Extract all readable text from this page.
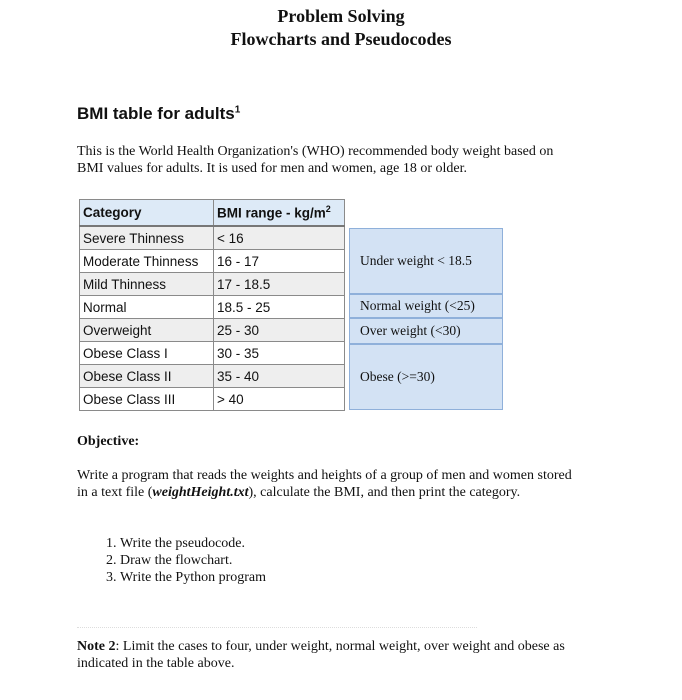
Problem Solving
Flowcharts and Pseudocodes
BMI table for adults$^1$
This is the World Health Organization's (WHO) recommended body weight based on BMI values for adults. It is used for men and women, age 18 or older.
Category	BMI range - $kg/m^2$
Severe Thinness	< 16
Moderate Thinness	16 - 17
Mild Thinness	17 - 18.5
Normal	18.5 - 25
Overweight	25 - 30
Obese Class I	30 - 35
Obese Class II	35 - 40
Obese Class III	> 40
Under weight < 18.5
Normal weight (<25)
Over weight (<30)
Obese (>=30)
Objective:
Write a program that reads the weights and heights of a group of men and women stored in a text file (weightHeight.txt), calculate the BMI, and then print the category.
1. Write the pseudocode.
2. Draw the flowchart.
3. Write the Python program
Note 2: Limit the cases to four, under weight, normal weight, over weight and obese as indicated in the table above.
